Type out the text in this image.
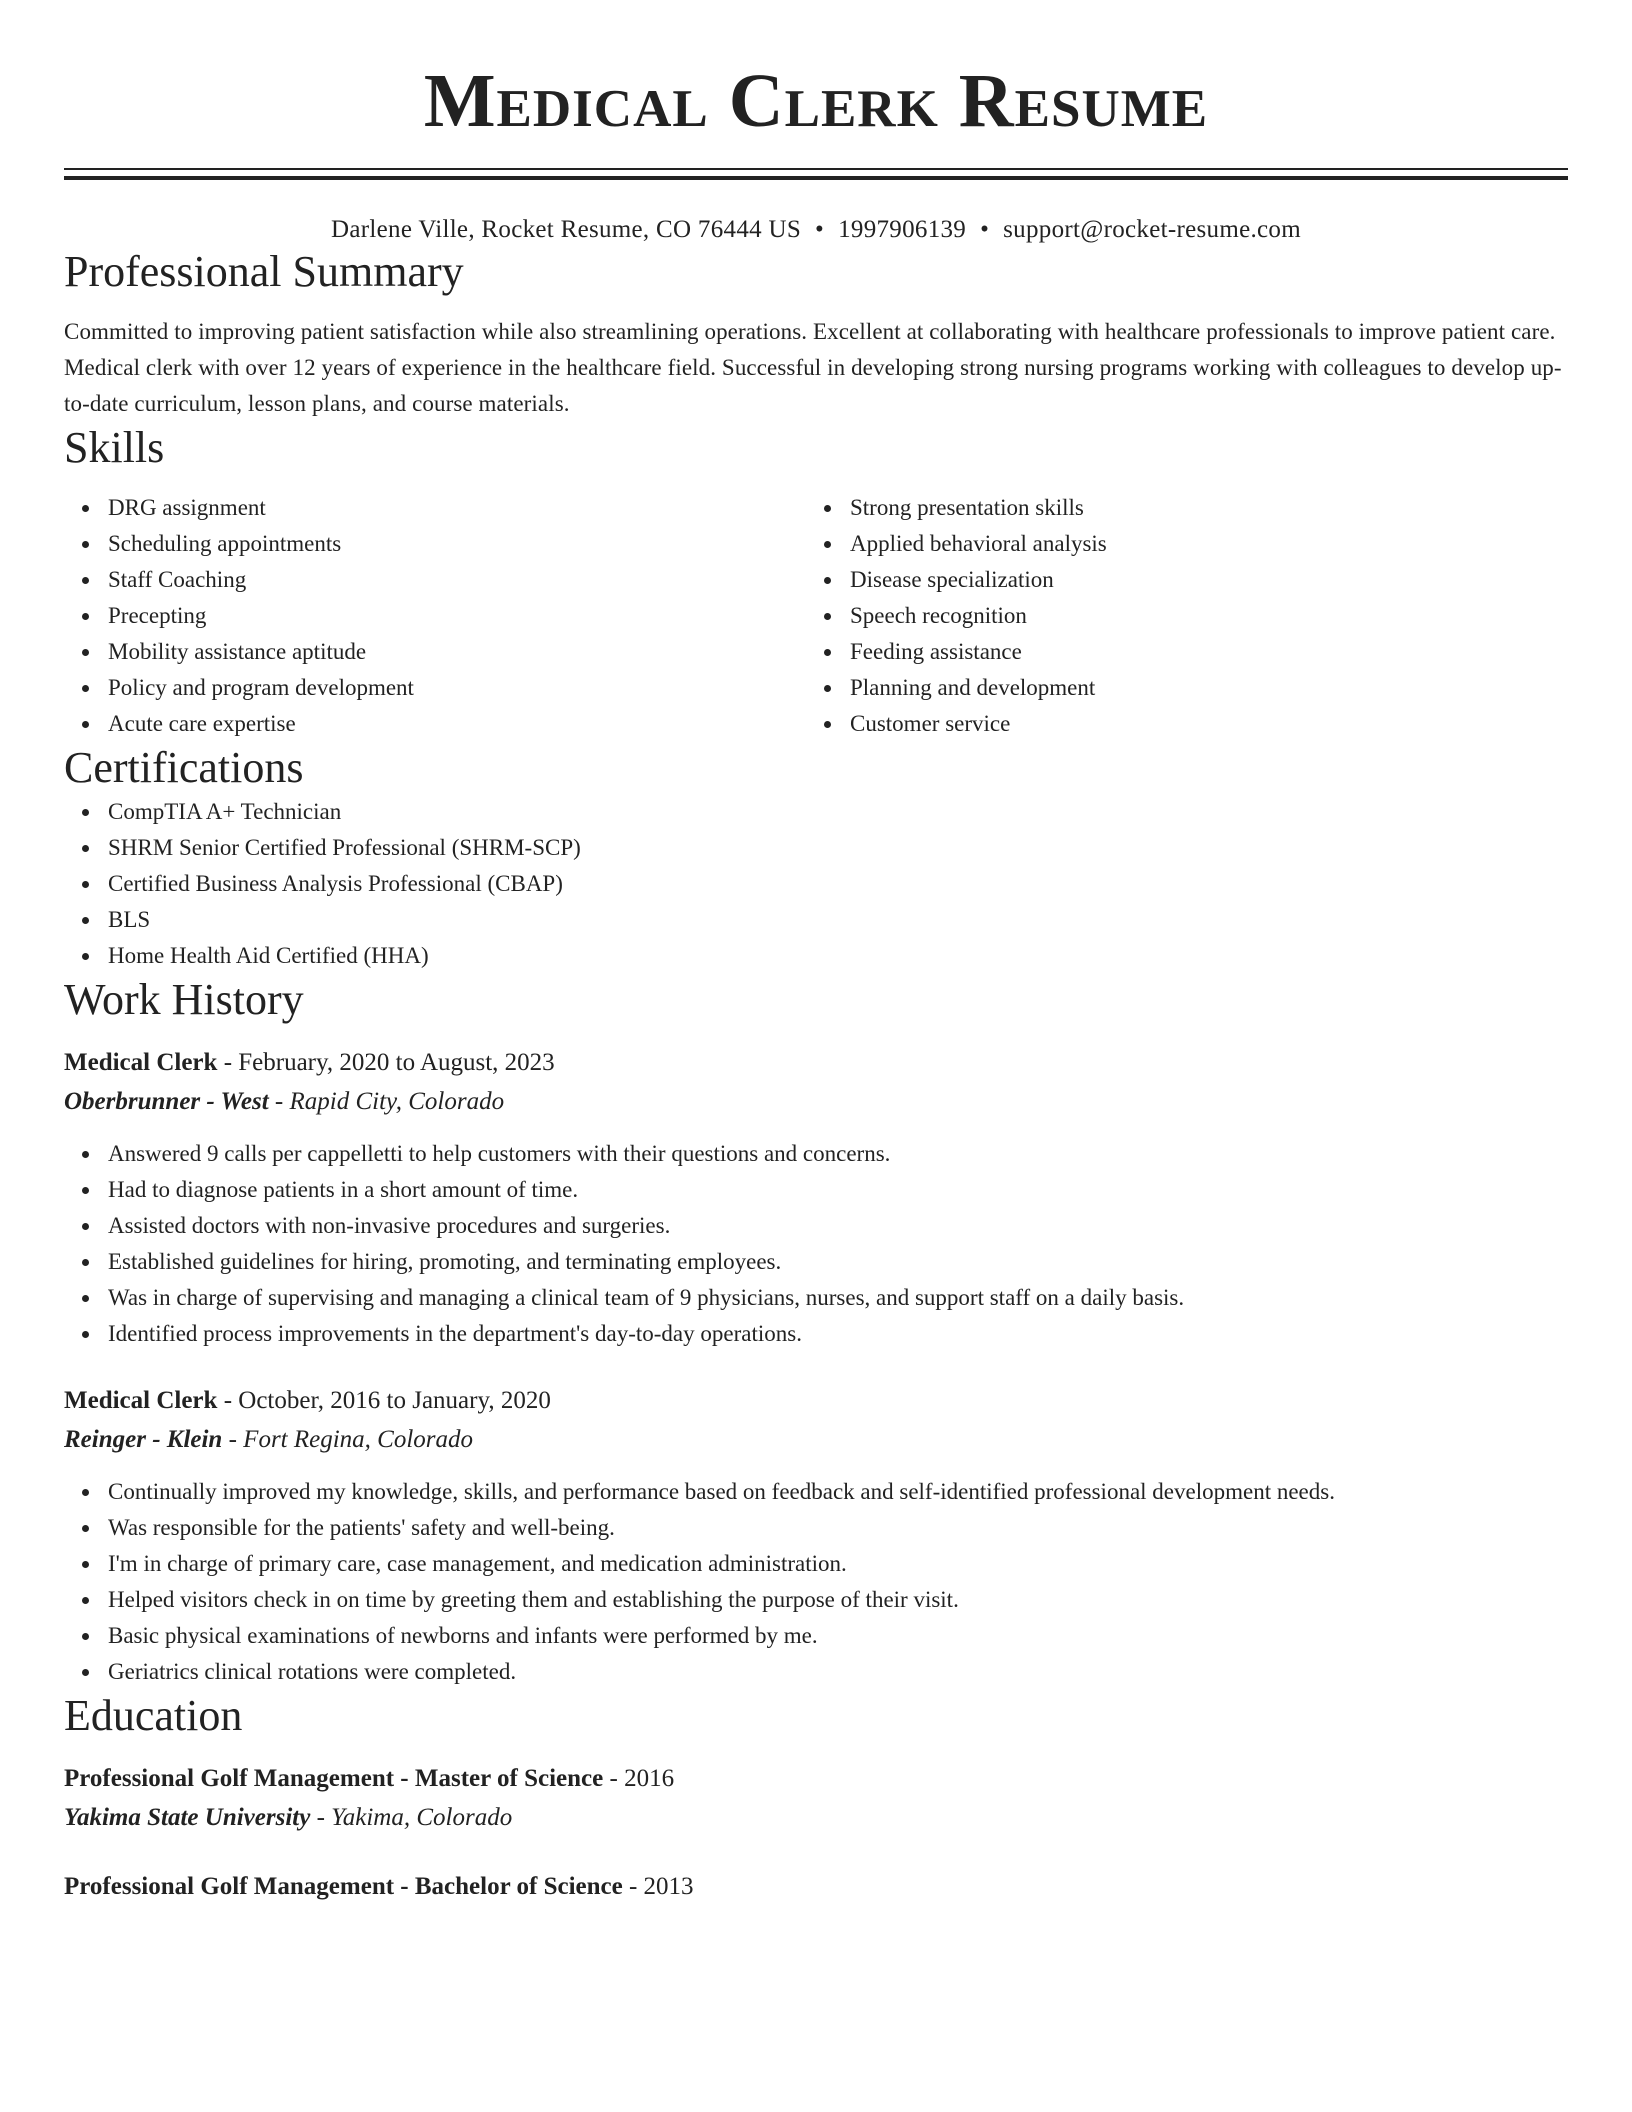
Medical Clerk Resume
Darlene Ville, Rocket Resume, CO 76444 US • 1997906139 • support@rocket-resume.com
Professional Summary

Committed to improving patient satisfaction while also streamlining operations. Excellent at collaborating with healthcare professionals to improve patient care. Medical clerk with over 12 years of experience in the healthcare field. Successful in developing strong nursing programs working with colleagues to develop up-to-date curriculum, lesson plans, and course materials.

Skills
DRG assignment
Scheduling appointments
Staff Coaching
Precepting
Mobility assistance aptitude
Policy and program development
Acute care expertise
Strong presentation skills
Applied behavioral analysis
Disease specialization
Speech recognition
Feeding assistance
Planning and development
Customer service
Certifications
CompTIA A+ Technician
SHRM Senior Certified Professional (SHRM-SCP)
Certified Business Analysis Professional (CBAP)
BLS
Home Health Aid Certified (HHA)
Work History
Medical Clerk - February, 2020 to August, 2023
Oberbrunner - West - Rapid City, Colorado
Answered 9 calls per cappelletti to help customers with their questions and concerns.
Had to diagnose patients in a short amount of time.
Assisted doctors with non-invasive procedures and surgeries.
Established guidelines for hiring, promoting, and terminating employees.
Was in charge of supervising and managing a clinical team of 9 physicians, nurses, and support staff on a daily basis.
Identified process improvements in the department's day-to-day operations.
Medical Clerk - October, 2016 to January, 2020
Reinger - Klein - Fort Regina, Colorado
Continually improved my knowledge, skills, and performance based on feedback and self-identified professional development needs.
Was responsible for the patients' safety and well-being.
I'm in charge of primary care, case management, and medication administration.
Helped visitors check in on time by greeting them and establishing the purpose of their visit.
Basic physical examinations of newborns and infants were performed by me.
Geriatrics clinical rotations were completed.
Education
Professional Golf Management - Master of Science - 2016
Yakima State University - Yakima, Colorado
Professional Golf Management - Bachelor of Science - 2013
